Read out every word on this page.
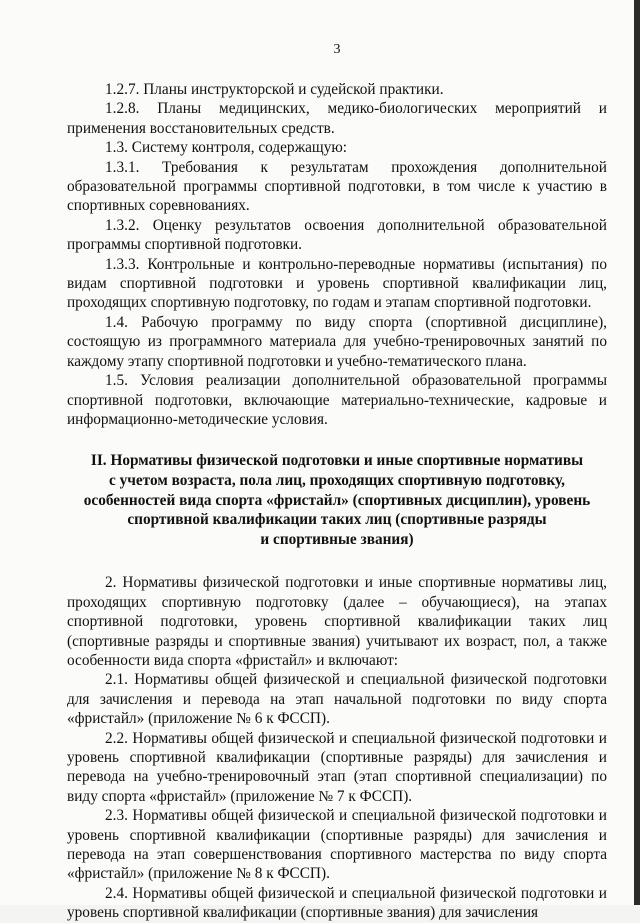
3

1.2.7. Планы инструкторской и судейской практики.

1.2.8. Планы медицинских, медико-биологических мероприятий и применения восстановительных средств.

1.3. Систему контроля, содержащую:

1.3.1. Требования к результатам прохождения дополнительной образовательной программы спортивной подготовки, в том числе к участию в спортивных соревнованиях.

1.3.2. Оценку результатов освоения дополнительной образовательной программы спортивной подготовки.

1.3.3. Контрольные и контрольно-переводные нормативы (испытания) по видам спортивной подготовки и уровень спортивной квалификации лиц, проходящих спортивную подготовку, по годам и этапам спортивной подготовки.

1.4. Рабочую программу по виду спорта (спортивной дисциплине), состоящую из программного материала для учебно-тренировочных занятий по каждому этапу спортивной подготовки и учебно-тематического плана.

1.5. Условия реализации дополнительной образовательной программы спортивной подготовки, включающие материально-технические, кадровые и информационно-методические условия.

II. Нормативы физической подготовки и иные спортивные нормативы
с учетом возраста, пола лиц, проходящих спортивную подготовку,
особенностей вида спорта «фристайл» (спортивных дисциплин), уровень
спортивной квалификации таких лиц (спортивные разряды
и спортивные звания)

2. Нормативы физической подготовки и иные спортивные нормативы лиц, проходящих спортивную подготовку (далее – обучающиеся), на этапах спортивной подготовки, уровень спортивной квалификации таких лиц (спортивные разряды и спортивные звания) учитывают их возраст, пол, а также особенности вида спорта «фристайл» и включают:

2.1. Нормативы общей физической и специальной физической подготовки для зачисления и перевода на этап начальной подготовки по виду спорта «фристайл» (приложение № 6 к ФССП).

2.2. Нормативы общей физической и специальной физической подготовки и уровень спортивной квалификации (спортивные разряды) для зачисления и перевода на учебно-тренировочный этап (этап спортивной специализации) по виду спорта «фристайл» (приложение № 7 к ФССП).

2.3. Нормативы общей физической и специальной физической подготовки и уровень спортивной квалификации (спортивные разряды) для зачисления и перевода на этап совершенствования спортивного мастерства по виду спорта «фристайл» (приложение № 8 к ФССП).

2.4. Нормативы общей физической и специальной физической подготовки и уровень спортивной квалификации (спортивные звания) для зачисления
